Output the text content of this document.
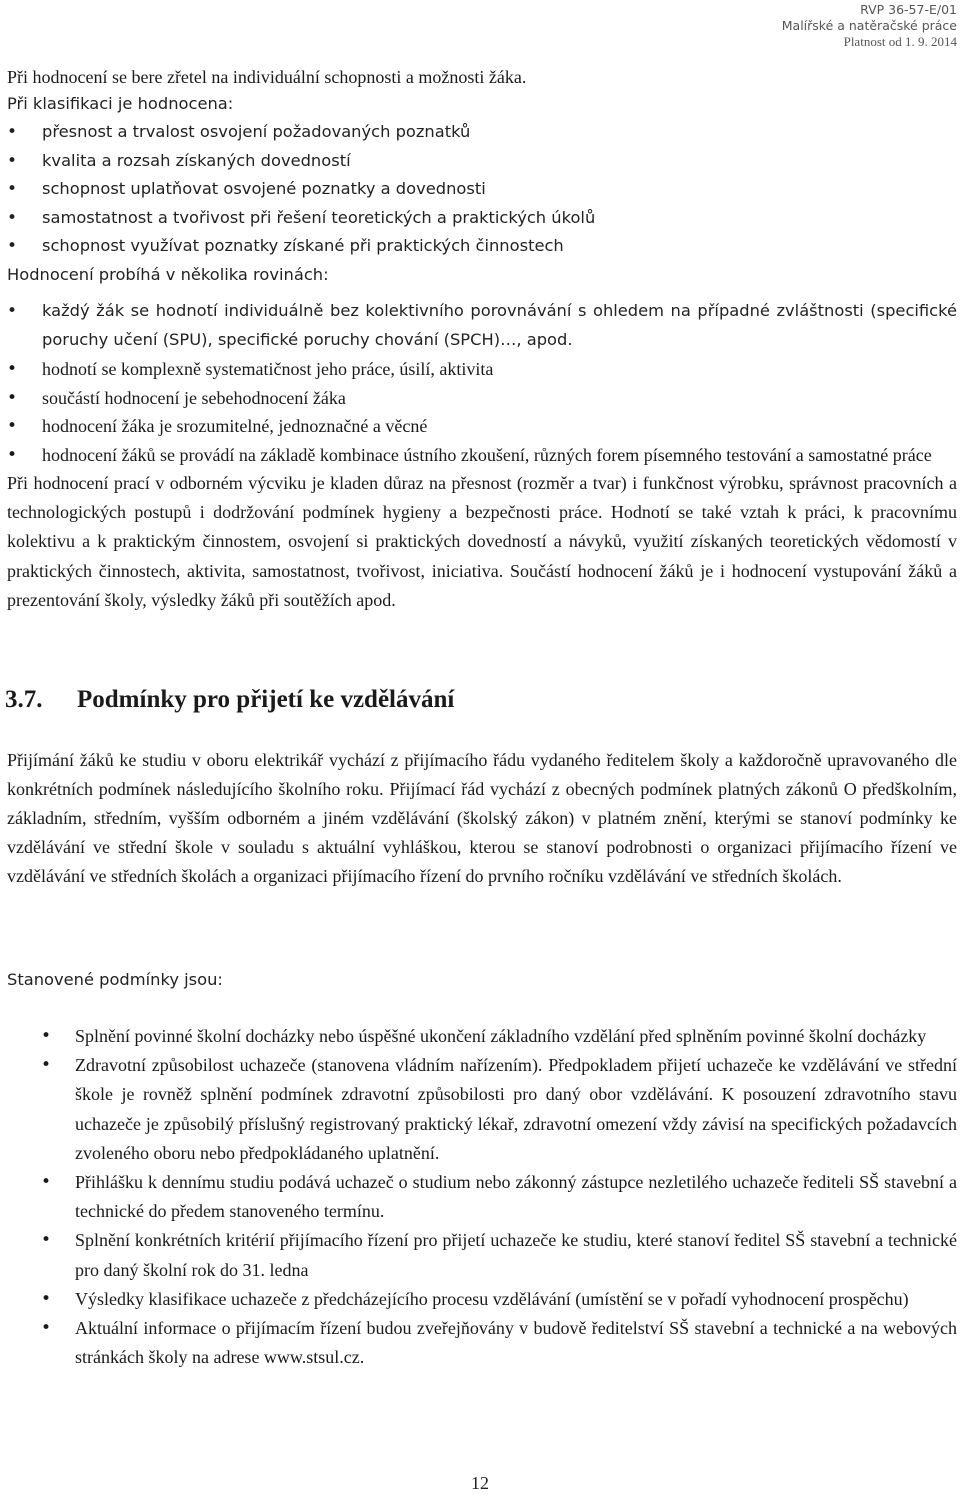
RVP 36-57-E/01
Malířské a natěračské práce
Platnost od 1. 9. 2014

Při hodnocení se bere zřetel na individuální schopnosti a možnosti žáka.

Při klasifikaci je hodnocena:

• přesnost a trvalost osvojení požadovaných poznatků
• kvalita a rozsah získaných dovedností
• schopnost uplatňovat osvojené poznatky a dovednosti
• samostatnost a tvořivost při řešení teoretických a praktických úkolů
• schopnost využívat poznatky získané při praktických činnostech

Hodnocení probíhá v několika rovinách:

• každý žák se hodnotí individuálně bez kolektivního porovnávání s ohledem na případné zvláštnosti (specifické poruchy učení (SPU), specifické poruchy chování (SPCH)…, apod.
• hodnotí se komplexně systematičnost jeho práce, úsilí, aktivita
• součástí hodnocení je sebehodnocení žáka
• hodnocení žáka je srozumitelné, jednoznačné a věcné
• hodnocení žáků se provádí na základě kombinace ústního zkoušení, různých forem písemného testování a samostatné práce

Při hodnocení prací v odborném výcviku je kladen důraz na přesnost (rozměr a tvar) i funkčnost výrobku, správnost pracovních a technologických postupů i dodržování podmínek hygieny a bezpečnosti práce. Hodnotí se také vztah k práci, k pracovnímu kolektivu a k praktickým činnostem, osvojení si praktických dovedností a návyků, využití získaných teoretických vědomostí v praktických činnostech, aktivita, samostatnost, tvořivost, iniciativa. Součástí hodnocení žáků je i hodnocení vystupování žáků a prezentování školy, výsledky žáků při soutěžích apod.

3.7. Podmínky pro přijetí ke vzdělávání

Přijímání žáků ke studiu v oboru elektrikář vychází z přijímacího řádu vydaného ředitelem školy a každoročně upravovaného dle konkrétních podmínek následujícího školního roku. Přijímací řád vychází z obecných podmínek platných zákonů O předškolním, základním, středním, vyšším odborném a jiném vzdělávání (školský zákon) v platném znění, kterými se stanoví podmínky ke vzdělávání ve střední škole v souladu s aktuální vyhláškou, kterou se stanoví podrobnosti o organizaci přijímacího řízení ve vzdělávání ve středních školách a organizaci přijímacího řízení do prvního ročníku vzdělávání ve středních školách.

Stanovené podmínky jsou:

• Splnění povinné školní docházky nebo úspěšné ukončení základního vzdělání před splněním povinné školní docházky
• Zdravotní způsobilost uchazeče (stanovena vládním nařízením). Předpokladem přijetí uchazeče ke vzdělávání ve střední škole je rovněž splnění podmínek zdravotní způsobilosti pro daný obor vzdělávání. K posouzení zdravotního stavu uchazeče je způsobilý příslušný registrovaný praktický lékař, zdravotní omezení vždy závisí na specifických požadavcích zvoleného oboru nebo předpokládaného uplatnění.
• Přihlášku k dennímu studiu podává uchazeč o studium nebo zákonný zástupce nezletilého uchazeče řediteli SŠ stavební a technické do předem stanoveného termínu.
• Splnění konkrétních kritérií přijímacího řízení pro přijetí uchazeče ke studiu, které stanoví ředitel SŠ stavební a technické pro daný školní rok do 31. ledna
• Výsledky klasifikace uchazeče z předcházejícího procesu vzdělávání (umístění se v pořadí vyhodnocení prospěchu)
• Aktuální informace o přijímacím řízení budou zveřejňovány v budově ředitelství SŠ stavební a technické a na webových stránkách školy na adrese www.stsul.cz.
12
